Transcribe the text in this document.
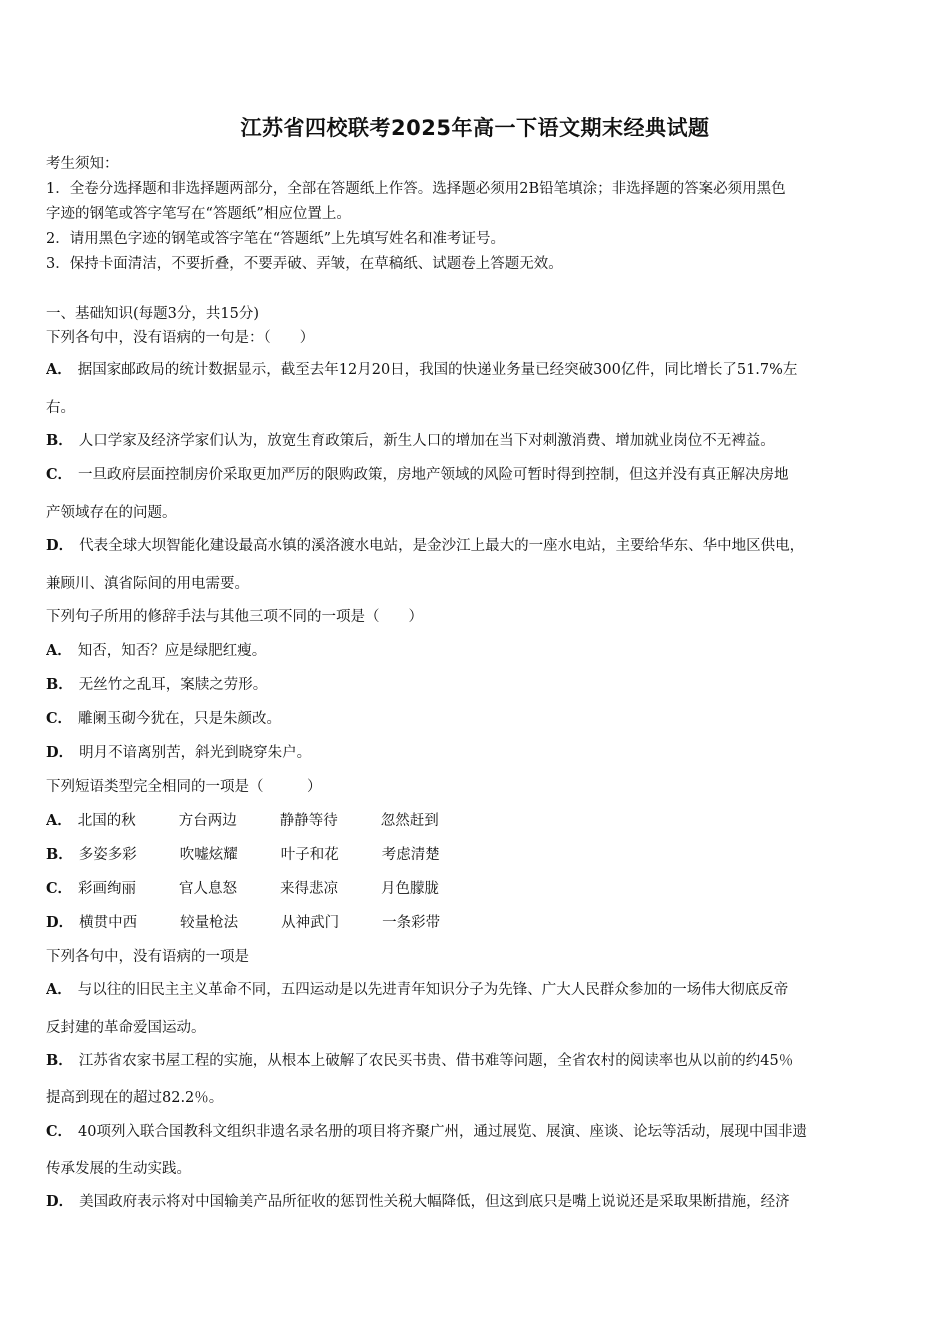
江苏省四校联考2025年高一下语文期末经典试题
考生须知：
1．全卷分选择题和非选择题两部分，全部在答题纸上作答。选择题必须用2B铅笔填涂；非选择题的答案必须用黑色
字迹的钢笔或答字笔写在“答题纸”相应位置上。
2．请用黑色字迹的钢笔或答字笔在“答题纸”上先填写姓名和准考证号。
3．保持卡面清洁，不要折叠，不要弄破、弄皱，在草稿纸、试题卷上答题无效。
一、基础知识(每题3分，共15分)
下列各句中，没有语病的一句是：（　　）
A． 据国家邮政局的统计数据显示，截至去年12月20日，我国的快递业务量已经突破300亿件，同比增长了51.7%左
右。
B． 人口学家及经济学家们认为，放宽生育政策后，新生人口的增加在当下对刺激消费、增加就业岗位不无裨益。
C． 一旦政府层面控制房价采取更加严厉的限购政策，房地产领域的风险可暂时得到控制，但这并没有真正解决房地
产领域存在的问题。
D． 代表全球大坝智能化建设最高水镇的溪洛渡水电站，是金沙江上最大的一座水电站，主要给华东、华中地区供电，
兼顾川、滇省际间的用电需要。
下列句子所用的修辞手法与其他三项不同的一项是（　　）
A． 知否，知否？应是绿肥红瘦。
B． 无丝竹之乱耳，案牍之劳形。
C． 雕阑玉砌今犹在，只是朱颜改。
D． 明月不谙离别苦，斜光到晓穿朱户。
下列短语类型完全相同的一项是（　　　）
A． 北国的秋	方台两边	静静等待	忽然赶到
B． 多姿多彩	吹嘘炫耀	叶子和花	考虑清楚
C． 彩画绚丽	官人息怒	来得悲凉	月色朦胧
D． 横贯中西	较量枪法	从神武门	一条彩带
下列各句中，没有语病的一项是
A． 与以往的旧民主主义革命不同，五四运动是以先进青年知识分子为先锋、广大人民群众参加的一场伟大彻底反帝
反封建的革命爱国运动。
B． 江苏省农家书屋工程的实施，从根本上破解了农民买书贵、借书难等问题，全省农村的阅读率也从以前的约45％
提高到现在的超过82.2％。
C． 40项列入联合国教科文组织非遗名录名册的项目将齐聚广州，通过展览、展演、座谈、论坛等活动，展现中国非遗
传承发展的生动实践。
D． 美国政府表示将对中国输美产品所征收的惩罚性关税大幅降低，但这到底只是嘴上说说还是采取果断措施，经济
